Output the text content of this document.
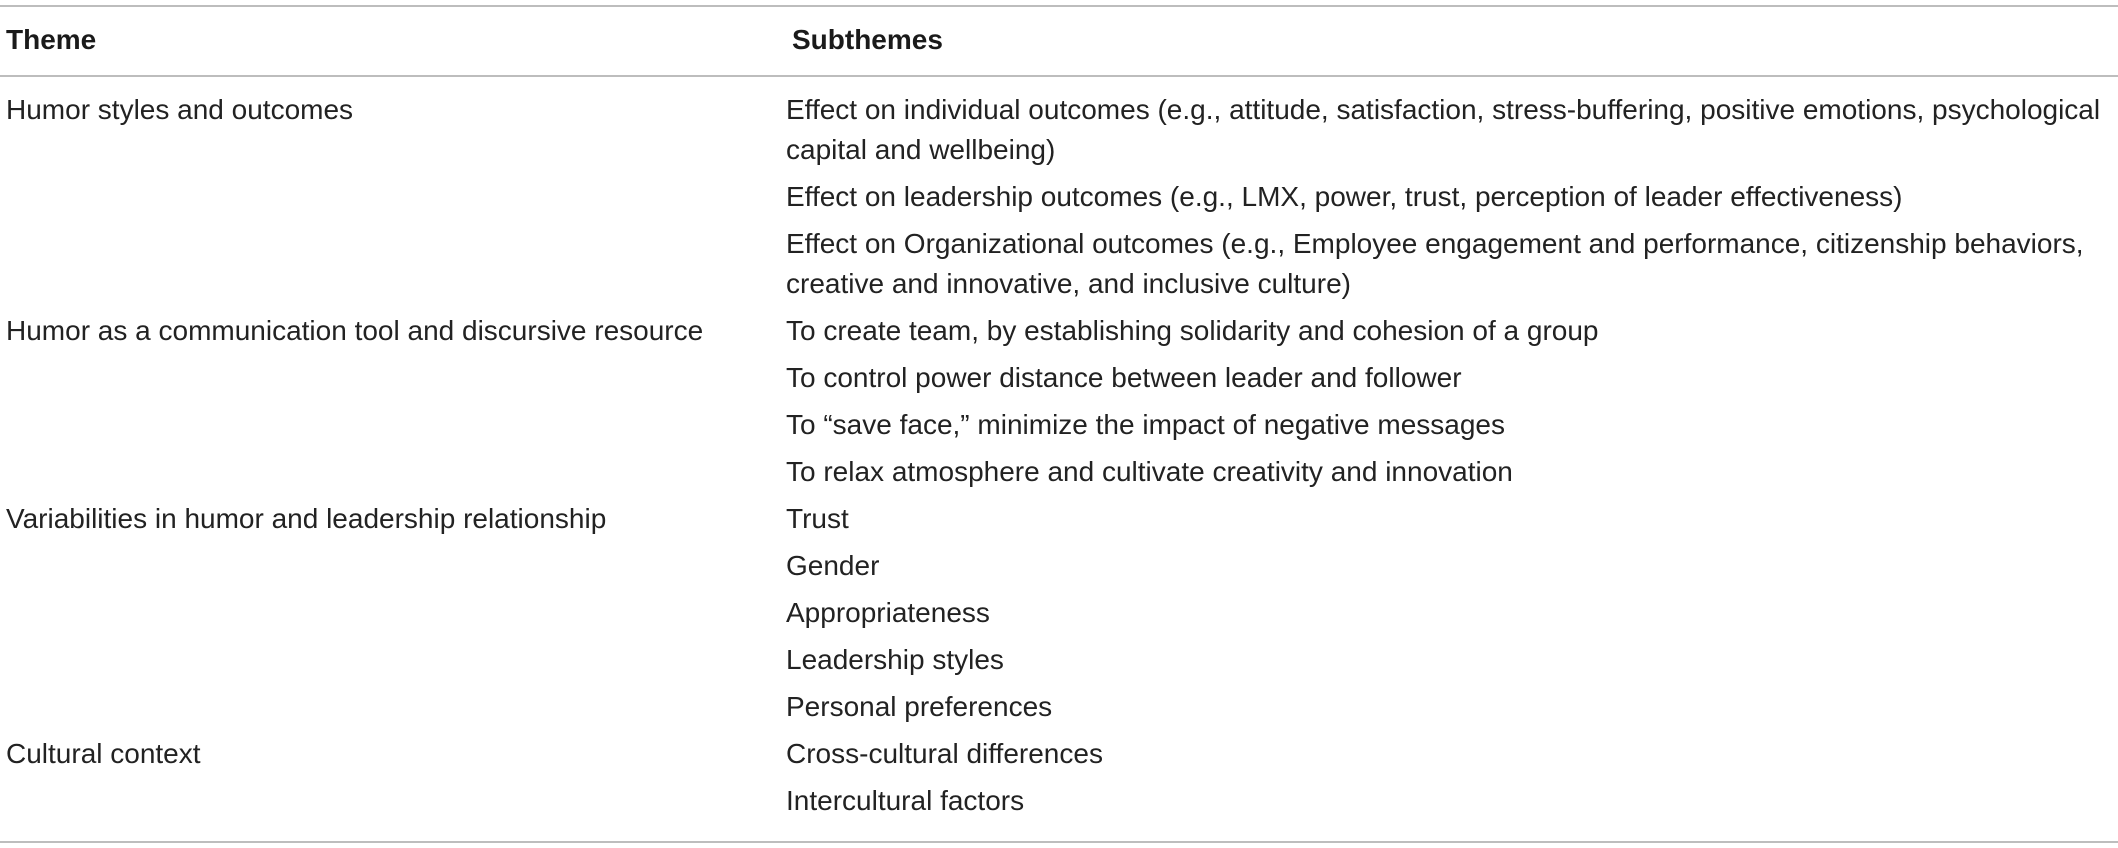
Theme	Subthemes
Humor styles and outcomes	Effect on individual outcomes (e.g., attitude, satisfaction, stress-buffering, positive emotions, psychological capital and wellbeing)
Effect on leadership outcomes (e.g., LMX, power, trust, perception of leader effectiveness)
Effect on Organizational outcomes (e.g., Employee engagement and performance, citizenship behaviors, creative and innovative, and inclusive culture)
Humor as a communication tool and discursive resource	To create team, by establishing solidarity and cohesion of a group
To control power distance between leader and follower
To “save face,” minimize the impact of negative messages
To relax atmosphere and cultivate creativity and innovation
Variabilities in humor and leadership relationship	Trust
Gender
Appropriateness
Leadership styles
Personal preferences
Cultural context	Cross-cultural differences
Intercultural factors
